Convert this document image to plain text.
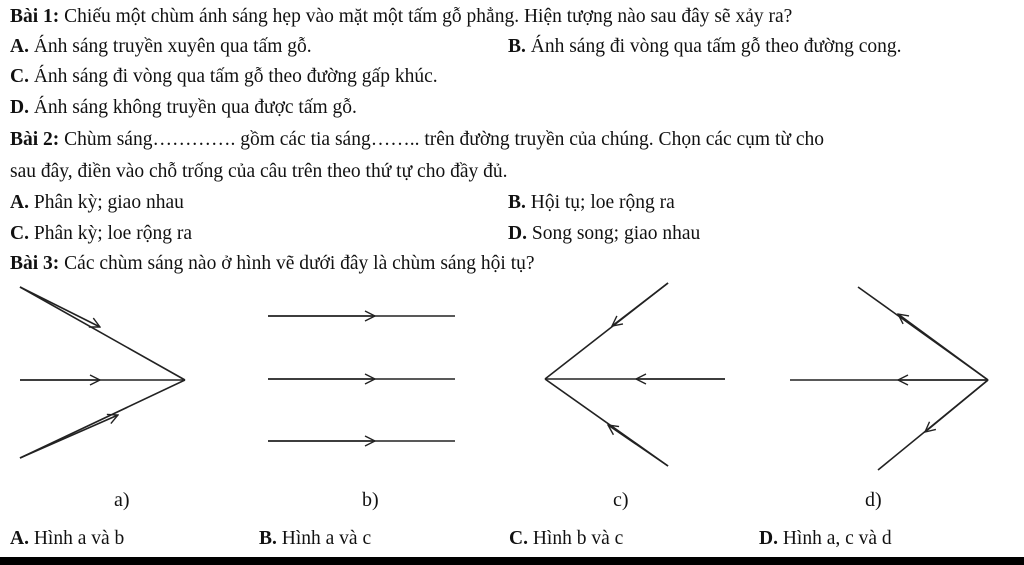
Bài 1: Chiếu một chùm ánh sáng hẹp vào mặt một tấm gỗ phẳng. Hiện tượng nào sau đây sẽ xảy ra?
A. Ánh sáng truyền xuyên qua tấm gỗ.	B. Ánh sáng đi vòng qua tấm gỗ theo đường cong.
C. Ánh sáng đi vòng qua tấm gỗ theo đường gấp khúc.
D. Ánh sáng không truyền qua được tấm gỗ.
Bài 2: Chùm sáng…………. gồm các tia sáng…….. trên đường truyền của chúng. Chọn các cụm từ cho
sau đây, điền vào chỗ trống của câu trên theo thứ tự cho đầy đủ.
A. Phân kỳ; giao nhau	B. Hội tụ; loe rộng ra
C. Phân kỳ; loe rộng ra	D. Song song; giao nhau
Bài 3: Các chùm sáng nào ở hình vẽ dưới đây là chùm sáng hội tụ?
a)	b)	c)	d)
A. Hình a và b	B. Hình a và c	C. Hình b và c	D. Hình a, c và d
